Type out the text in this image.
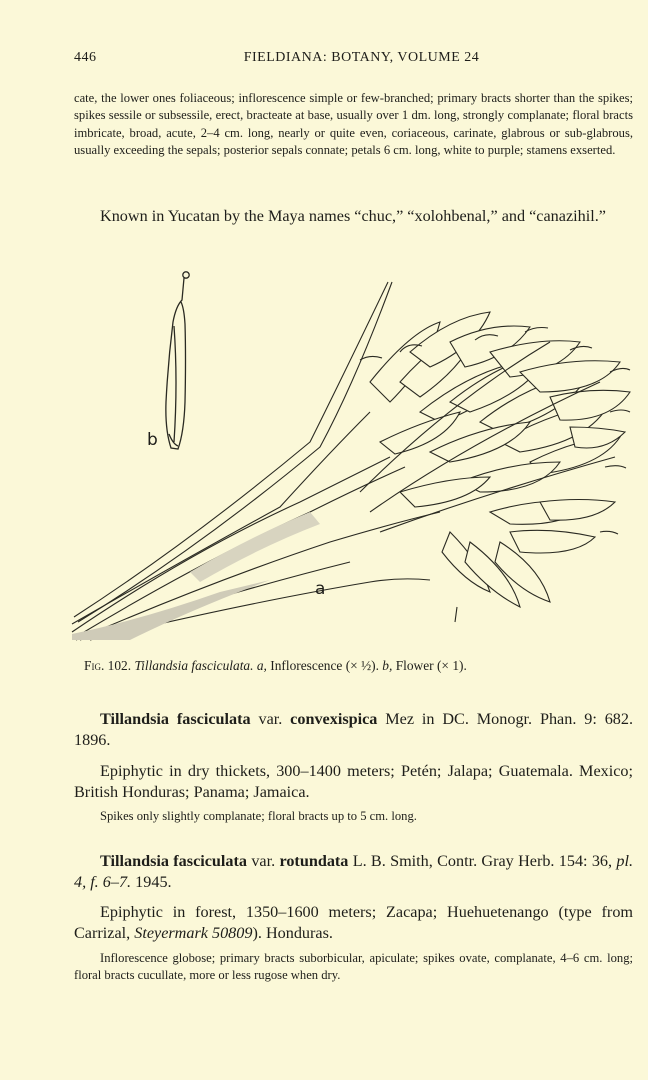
446	FIELDIANA: BOTANY, VOLUME 24

cate, the lower ones foliaceous; inflorescence simple or few-branched; primary bracts shorter than the spikes; spikes sessile or subsessile, erect, bracteate at base, usually over 1 dm. long, strongly complanate; floral bracts imbricate, broad, acute, 2–4 cm. long, nearly or quite even, coriaceous, carinate, glabrous or sub-glabrous, usually exceeding the sepals; posterior sepals connate; petals 6 cm. long, white to purple; stamens exserted.

Known in Yucatan by the Maya names “chuc,” “xolohbenal,” and “canazihil.”

b
a
Fig. 102. Tillandsia fasciculata. a, Inflorescence (× ½). b, Flower (× 1).

Tillandsia fasciculata var. convexispica Mez in DC. Monogr. Phan. 9: 682. 1896.

Epiphytic in dry thickets, 300–1400 meters; Petén; Jalapa; Guatemala. Mexico; British Honduras; Panama; Jamaica.

Spikes only slightly complanate; floral bracts up to 5 cm. long.

Tillandsia fasciculata var. rotundata L. B. Smith, Contr. Gray Herb. 154: 36, pl. 4, f. 6–7. 1945.

Epiphytic in forest, 1350–1600 meters; Zacapa; Huehuetenango (type from Carrizal, Steyermark 50809). Honduras.

Inflorescence globose; primary bracts suborbicular, apiculate; spikes ovate, complanate, 4–6 cm. long; floral bracts cucullate, more or less rugose when dry.
